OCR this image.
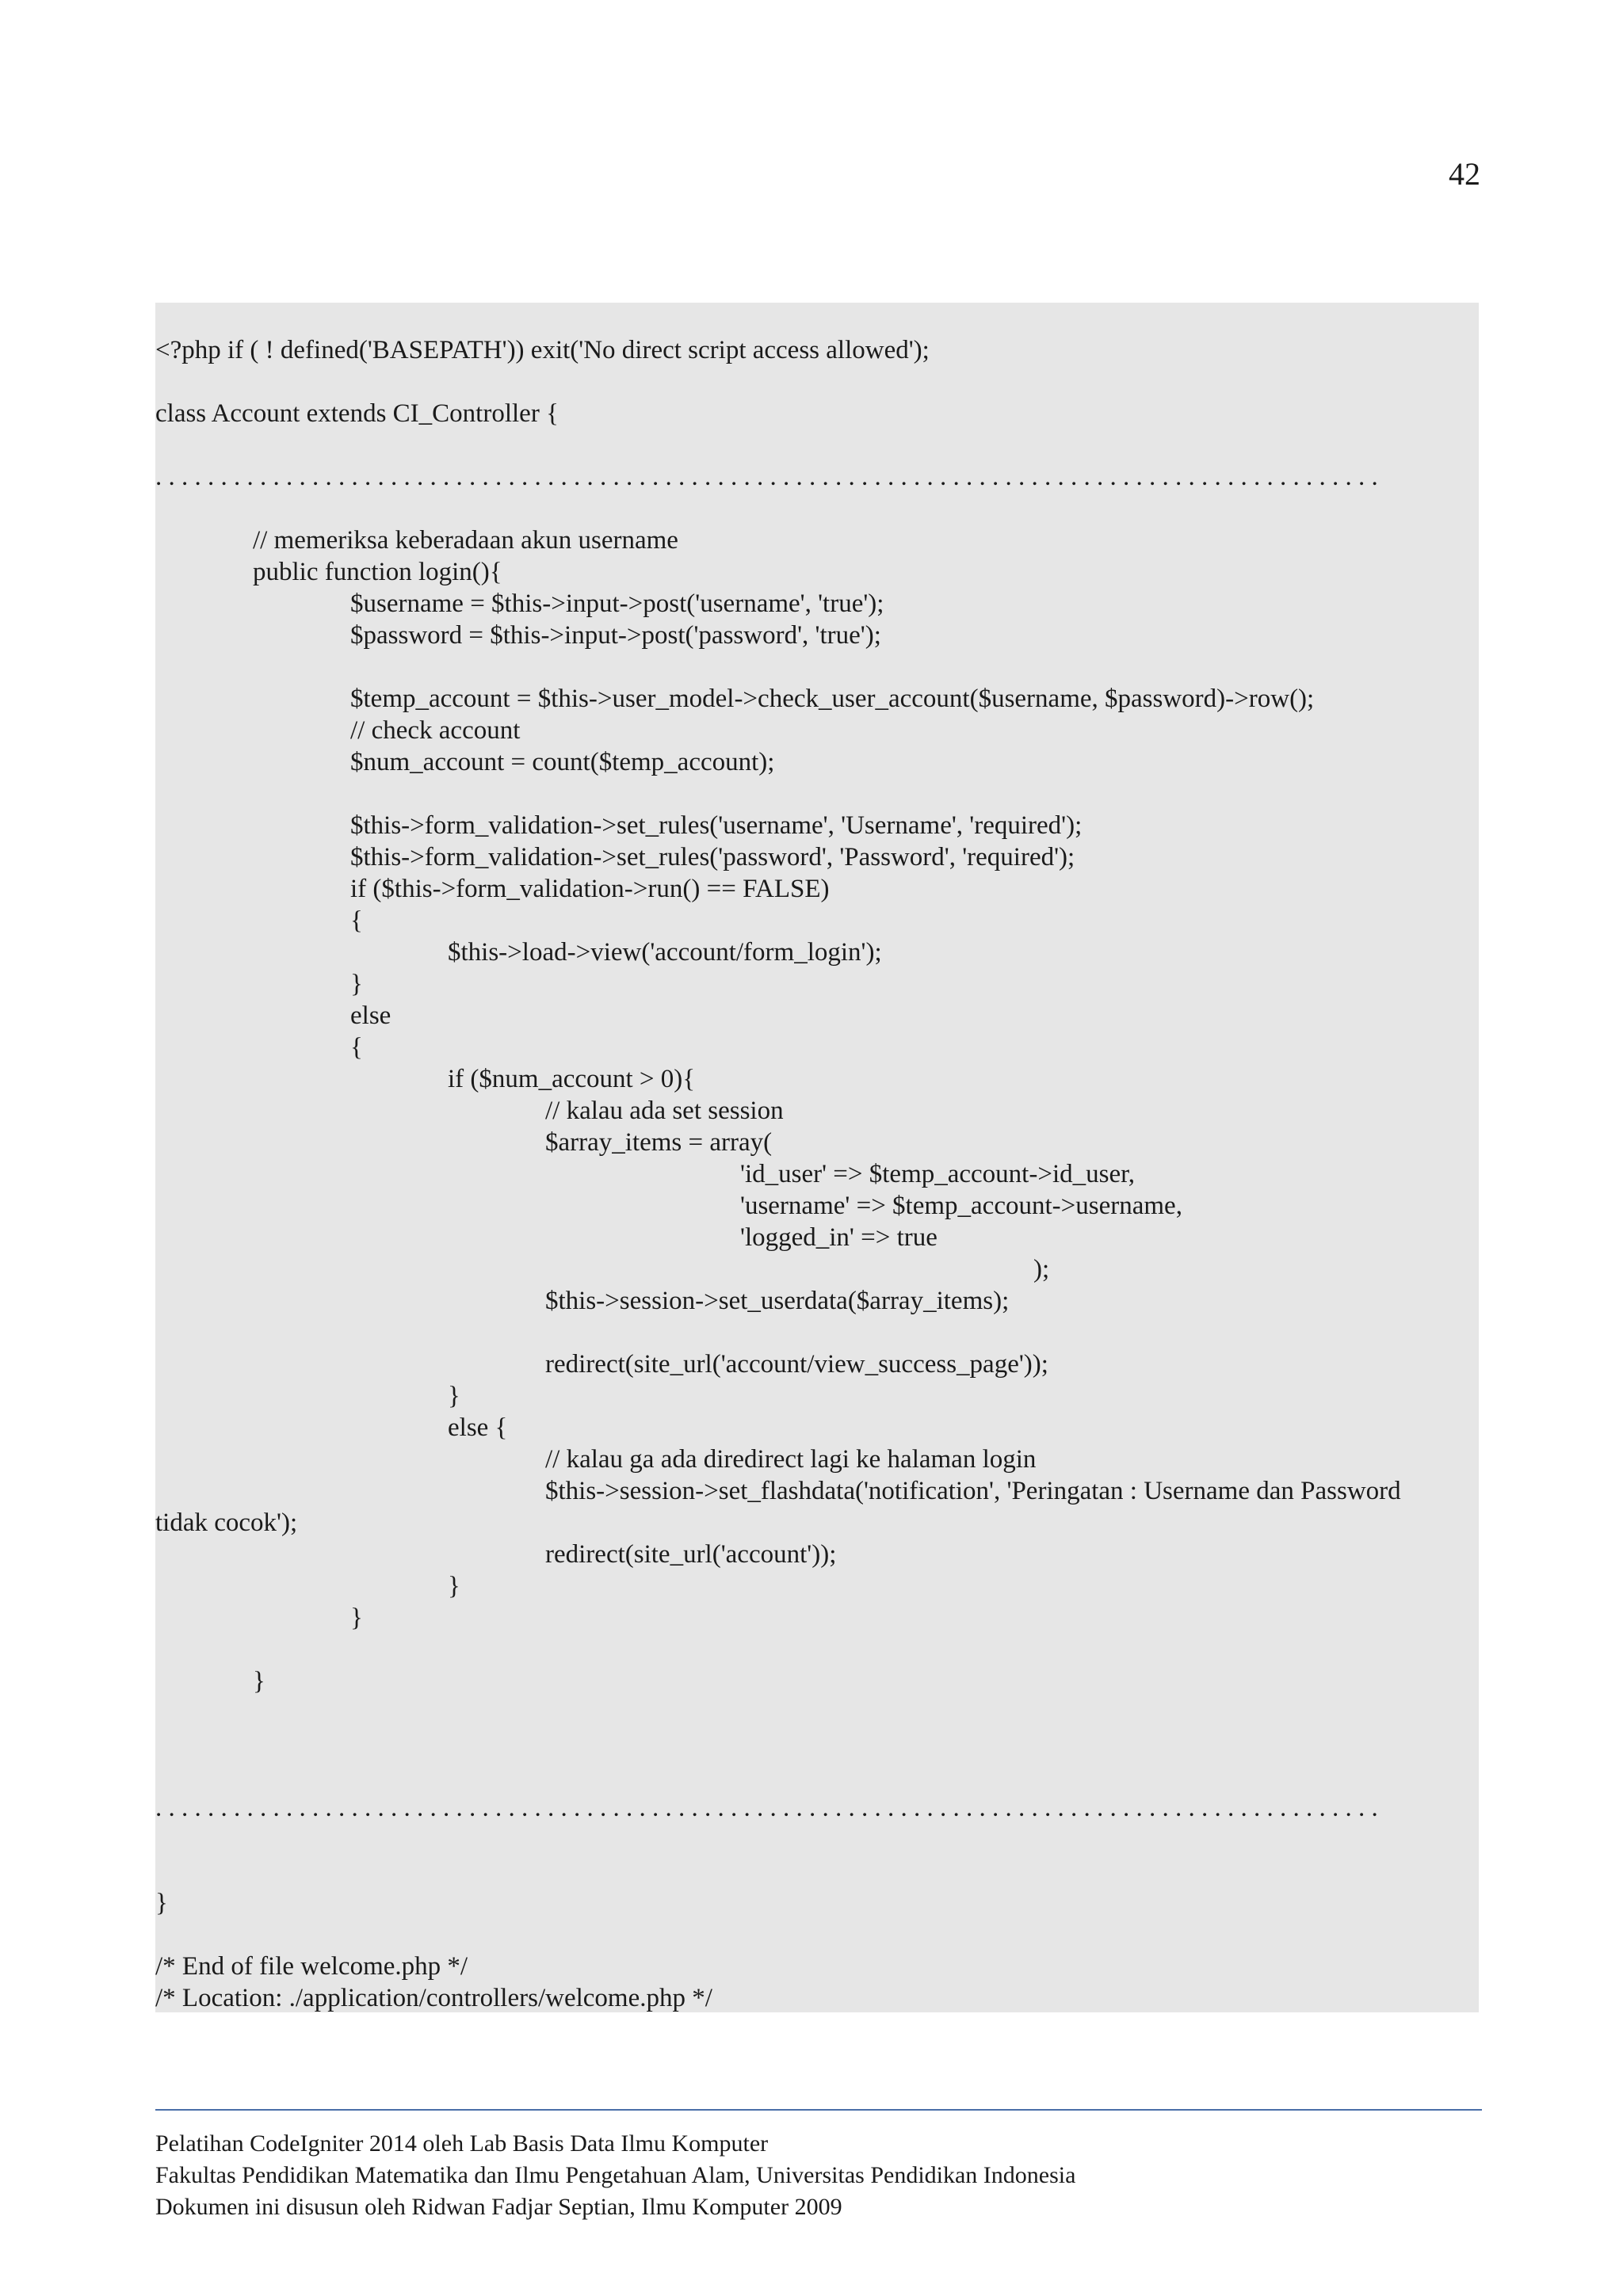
42

<?php if ( ! defined('BASEPATH')) exit('No direct script access allowed');
class Account extends CI_Controller {
. . . . . . . . . . . . . . . . . . . . . . . . . . . . . . . . . . . . . . . . . . . . . . . . . . . . . . . . . . . . . . . . . . . . . . . . . . . . . . . . . . . . . . . . . . . . . .
// memeriksa keberadaan akun username
public function login(){
$username = $this->input->post('username', 'true');
$password = $this->input->post('password', 'true');
$temp_account = $this->user_model->check_user_account($username, $password)->row();
// check account
$num_account = count($temp_account);
$this->form_validation->set_rules('username', 'Username', 'required');
$this->form_validation->set_rules('password', 'Password', 'required');
if ($this->form_validation->run() == FALSE)
{
$this->load->view('account/form_login');
}
else
{
if ($num_account > 0){
// kalau ada set session
$array_items = array(
'id_user' => $temp_account->id_user,
'username' => $temp_account->username,
'logged_in' => true
);
$this->session->set_userdata($array_items);
redirect(site_url('account/view_success_page'));
}
else {
// kalau ga ada diredirect lagi ke halaman login
$this->session->set_flashdata('notification', 'Peringatan : Username dan Password
tidak cocok');
redirect(site_url('account'));
}
}
}
. . . . . . . . . . . . . . . . . . . . . . . . . . . . . . . . . . . . . . . . . . . . . . . . . . . . . . . . . . . . . . . . . . . . . . . . . . . . . . . . . . . . . . . . . . . . . .
}
/* End of file welcome.php */
/* Location: ./application/controllers/welcome.php */
Pelatihan CodeIgniter 2014 oleh Lab Basis Data Ilmu Komputer
Fakultas Pendidikan Matematika dan Ilmu Pengetahuan Alam, Universitas Pendidikan Indonesia
Dokumen ini disusun oleh Ridwan Fadjar Septian, Ilmu Komputer 2009
